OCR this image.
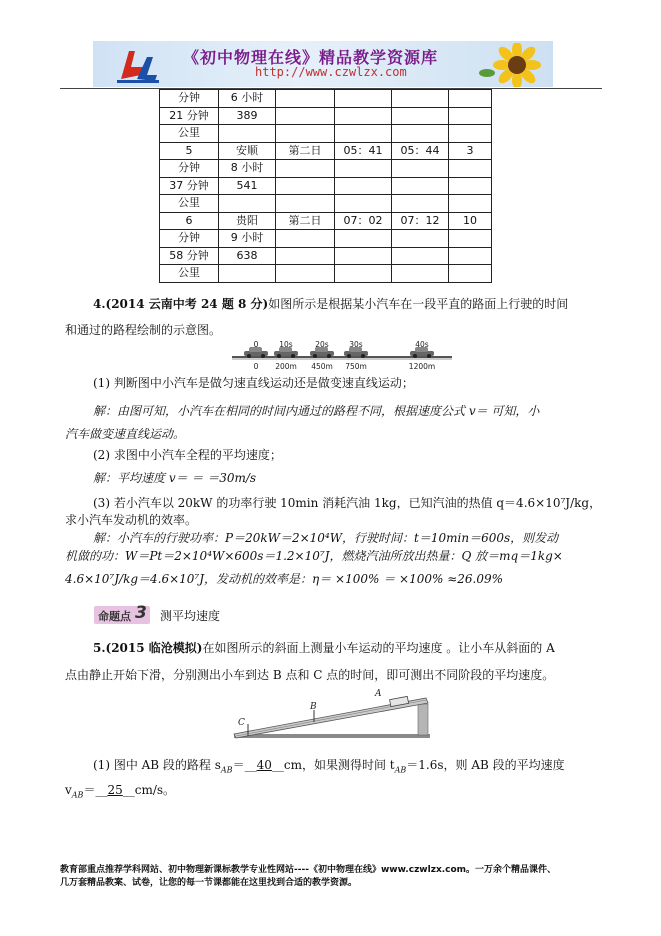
《初中物理在线》精品教学资源库
http://www.czwlzx.com
分钟	6 小时				
21 分钟	389				
公里					
5	安顺	第二日	05：41	05：44	3
分钟	8 小时				
37 分钟	541				
公里					
6	贵阳	第二日	07：02	07：12	10
分钟	9 小时				
58 分钟	638				
公里					
4.(2014 云南中考 24 题 8 分)如图所示是根据某小汽车在一段平直的路面上行驶的时间
和通过的路程绘制的示意图。
0	10s	20s	30s	40s
0 200m 450m 750m	1200m
(1) 判断图中小汽车是做匀速直线运动还是做变速直线运动；
解：由图可知，小汽车在相同的时间内通过的路程不同，根据速度公式 v＝ 可知，小
汽车做变速直线运动。
(2) 求图中小汽车全程的平均速度；
解：平均速度 v＝ ＝ ＝30m/s
(3) 若小汽车以 20kW 的功率行驶 10min 消耗汽油 1kg，已知汽油的热值 q＝4.6×10⁷J/kg，
求小汽车发动机的效率。
解：小汽车的行驶功率：P＝20kW＝2×10⁴W，行驶时间：t＝10min＝600s，则发动
机做的功：W＝Pt＝2×10⁴W×600s＝1.2×10⁷J，燃烧汽油所放出热量：Q 放＝mq＝1kg×
4.6×10⁷J/kg＝4.6×10⁷J，发动机的效率是：η＝ ×100% ＝ ×100% ≈26.09%
命题点 3 测平均速度
5.(2015 临沧模拟)在如图所示的斜面上测量小车运动的平均速度 。让小车从斜面的 A
点由静止开始下滑，分别测出小车到达 B 点和 C 点的时间，即可测出不同阶段的平均速度。
A
B
C
(1) 图中 AB 段的路程 $s_{AB}=\_\_40\_\_cm$，如果测得时间 $t_{AB}=1.6s$，则 AB 段的平均速度
$v_{AB}=\_\_25\_\_cm/s$。
教育部重点推荐学科网站、初中物理新课标教学专业性网站----《初中物理在线》www.czwlzx.com。一万余个精品课件、
几万套精品教案、试卷，让您的每一节课都能在这里找到合适的教学资源。
